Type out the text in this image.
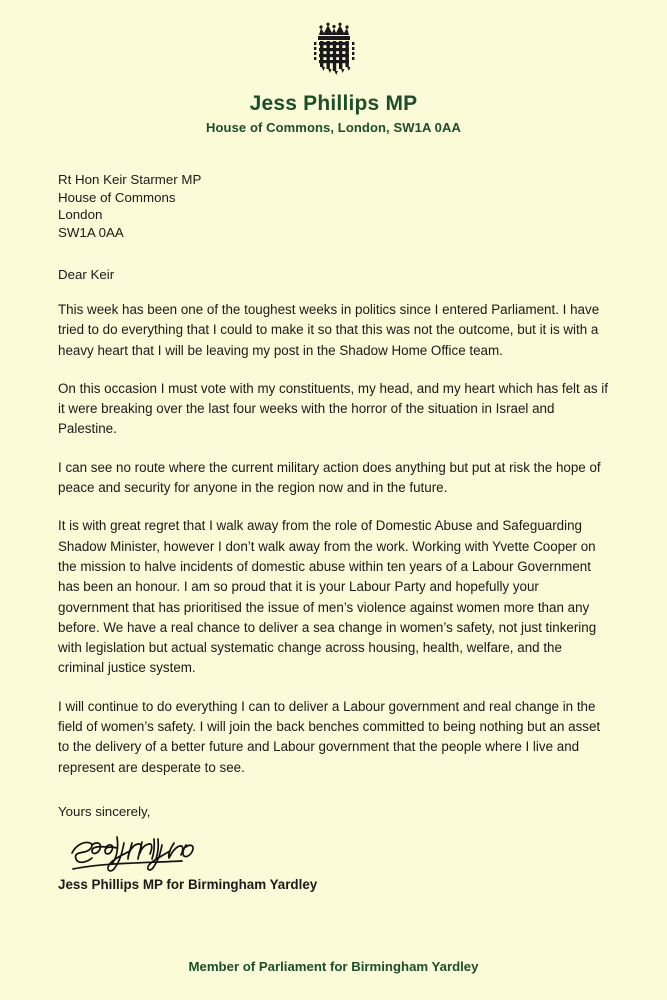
Jess Phillips MP
House of Commons, London, SW1A 0AA
Rt Hon Keir Starmer MP
House of Commons
London
SW1A 0AA
Dear Keir

This week has been one of the toughest weeks in politics since I entered Parliament. I have tried to do everything that I could to make it so that this was not the outcome, but it is with a heavy heart that I will be leaving my post in the Shadow Home Office team.

On this occasion I must vote with my constituents, my head, and my heart which has felt as if it were breaking over the last four weeks with the horror of the situation in Israel and Palestine.

I can see no route where the current military action does anything but put at risk the hope of peace and security for anyone in the region now and in the future.

It is with great regret that I walk away from the role of Domestic Abuse and Safeguarding Shadow Minister, however I don’t walk away from the work. Working with Yvette Cooper on the mission to halve incidents of domestic abuse within ten years of a Labour Government has been an honour. I am so proud that it is your Labour Party and hopefully your government that has prioritised the issue of men’s violence against women more than any before. We have a real chance to deliver a sea change in women’s safety, not just tinkering with legislation but actual systematic change across housing, health, welfare, and the criminal justice system.

I will continue to do everything I can to deliver a Labour government and real change in the field of women’s safety. I will join the back benches committed to being nothing but an asset to the delivery of a better future and Labour government that the people where I live and represent are desperate to see.

Yours sincerely,
Jess Phillips MP for Birmingham Yardley
Member of Parliament for Birmingham Yardley
